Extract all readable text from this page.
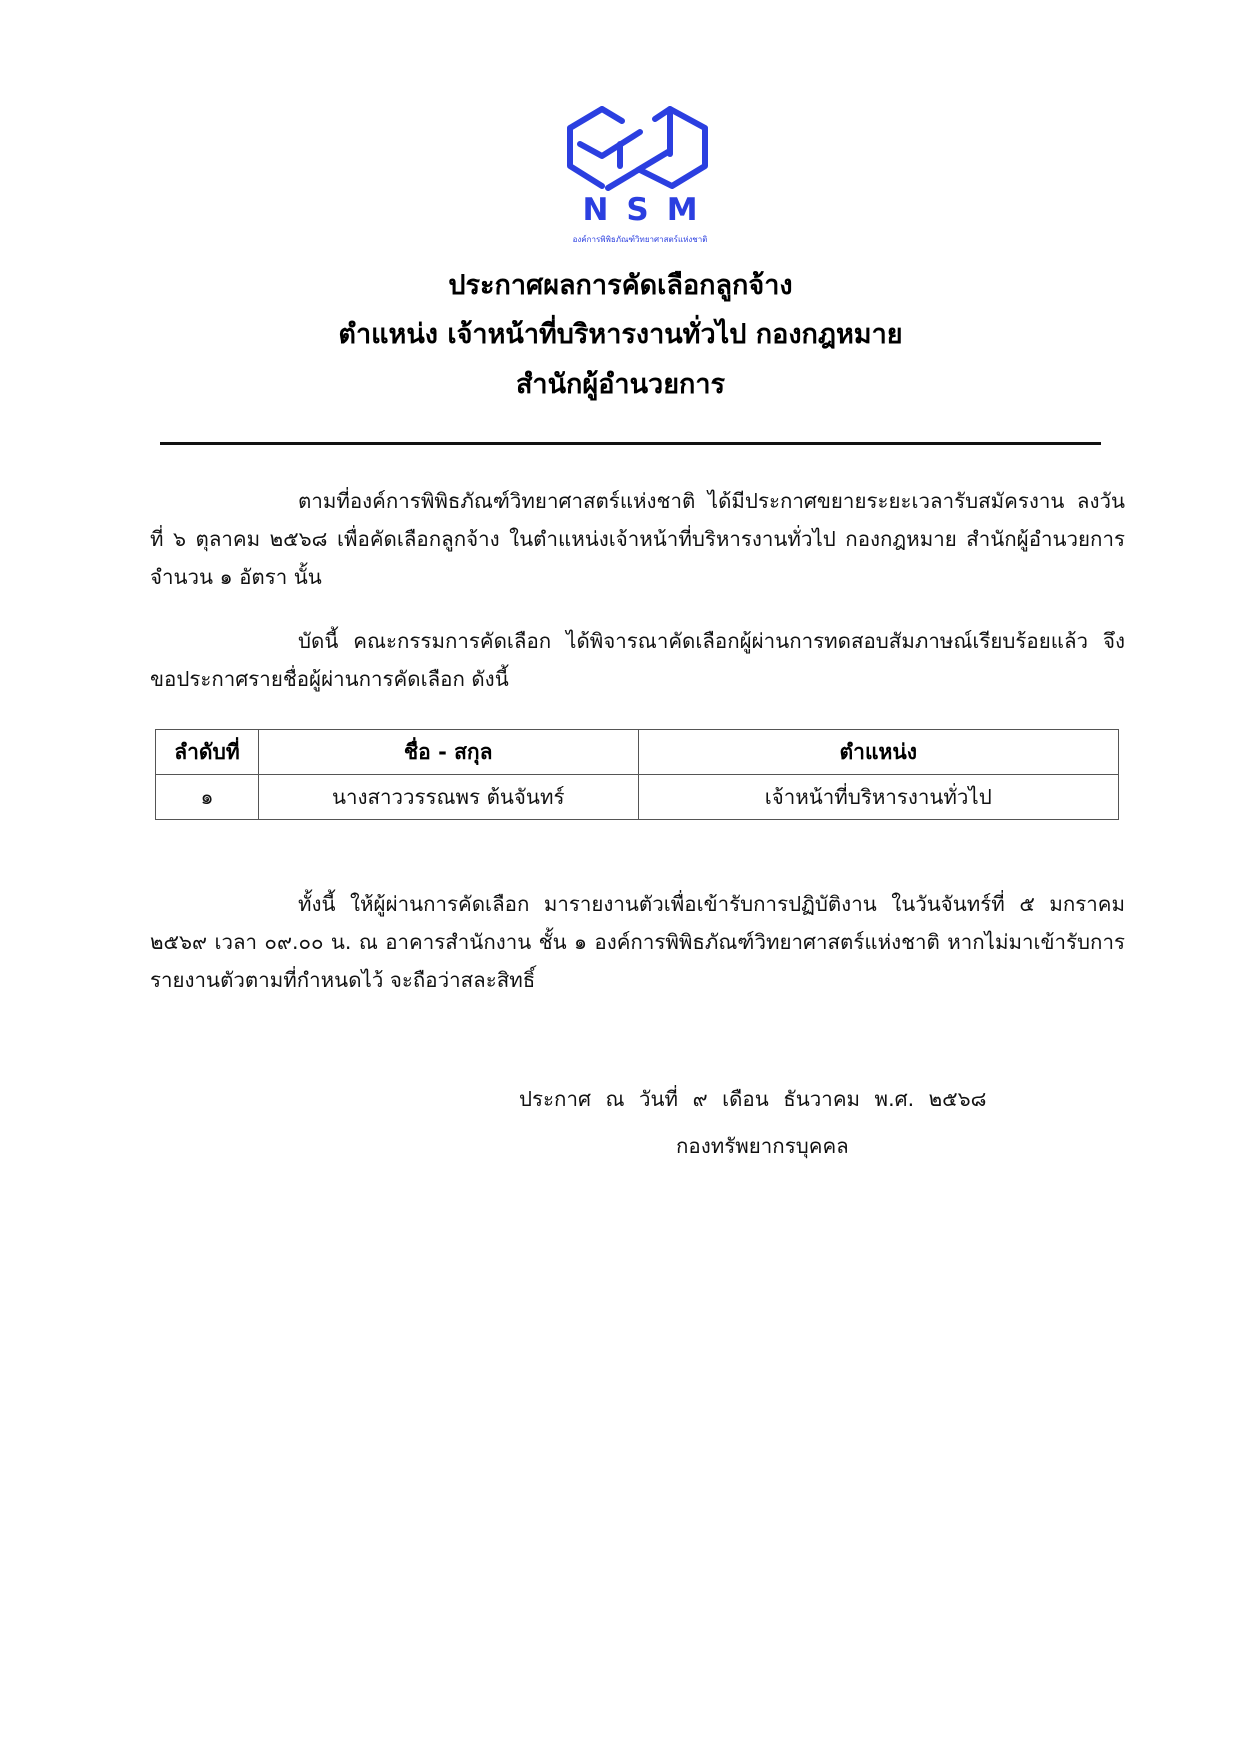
NSM
องค์การพิพิธภัณฑ์วิทยาศาสตร์แห่งชาติ
ประกาศผลการคัดเลือกลูกจ้าง
ตำแหน่ง เจ้าหน้าที่บริหารงานทั่วไป กองกฎหมาย
สำนักผู้อำนวยการ
ตามที่องค์การพิพิธภัณฑ์วิทยาศาสตร์แห่งชาติ ได้มีประกาศขยายระยะเวลารับสมัครงาน ลงวันที่ ๖ ตุลาคม ๒๕๖๘ เพื่อคัดเลือกลูกจ้าง ในตำแหน่งเจ้าหน้าที่บริหารงานทั่วไป กองกฎหมาย สำนักผู้อำนวยการ จำนวน ๑ อัตรา นั้น
บัดนี้ คณะกรรมการคัดเลือก ได้พิจารณาคัดเลือกผู้ผ่านการทดสอบสัมภาษณ์เรียบร้อยแล้ว จึงขอประกาศรายชื่อผู้ผ่านการคัดเลือก ดังนี้
ลำดับที่	ชื่อ - สกุล	ตำแหน่ง
๑	นางสาววรรณพร ต้นจันทร์	เจ้าหน้าที่บริหารงานทั่วไป
ทั้งนี้ ให้ผู้ผ่านการคัดเลือก มารายงานตัวเพื่อเข้ารับการปฏิบัติงาน ในวันจันทร์ที่ ๕ มกราคม ๒๕๖๙ เวลา ๐๙.๐๐ น. ณ อาคารสำนักงาน ชั้น ๑ องค์การพิพิธภัณฑ์วิทยาศาสตร์แห่งชาติ หากไม่มาเข้ารับการรายงานตัวตามที่กำหนดไว้ จะถือว่าสละสิทธิ์
ประกาศ ณ วันที่ ๙ เดือน ธันวาคม พ.ศ. ๒๕๖๘
กองทรัพยากรบุคคล
